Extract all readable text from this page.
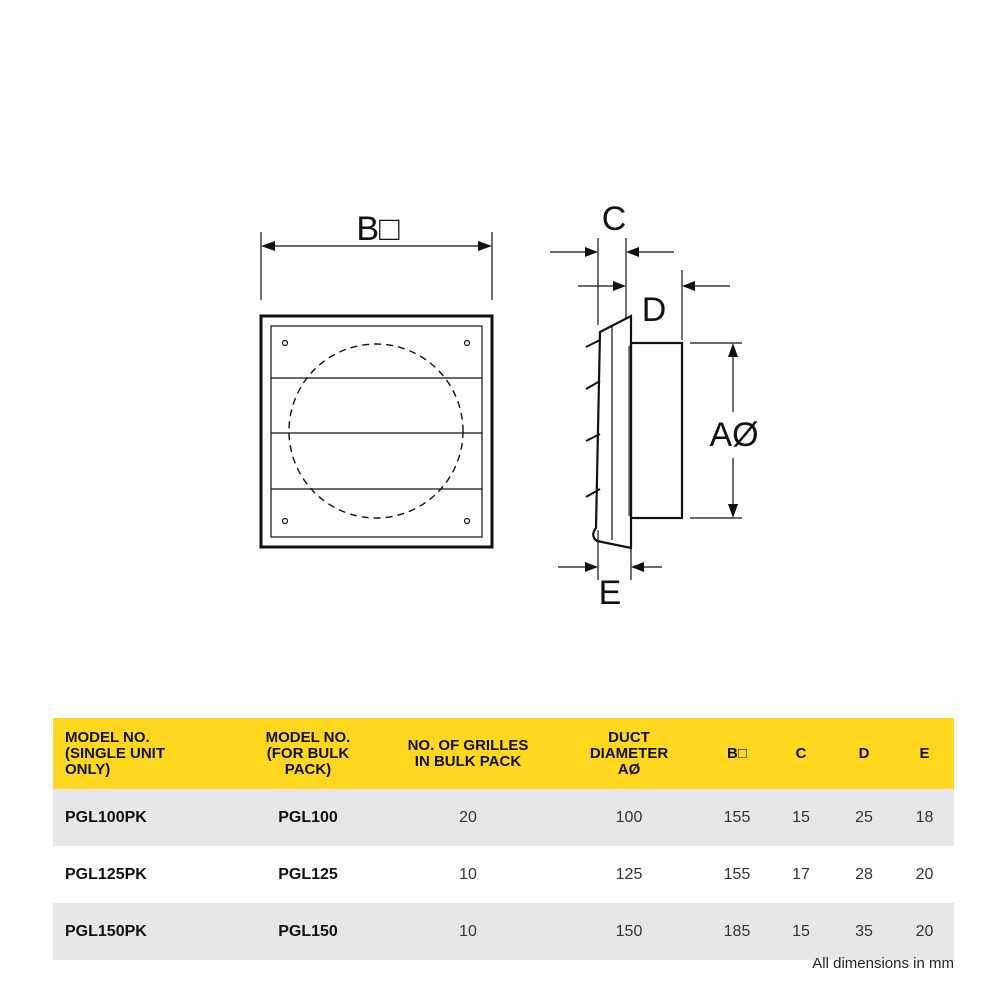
B□	C
D
AØ
E
MODEL NO.
(SINGLE UNIT
ONLY)	MODEL NO.
(FOR BULK
PACK)	NO. OF GRILLES
IN BULK PACK	DUCT
DIAMETER
AØ	B□	C	D	E
PGL100PK	PGL100	20	100	155	15	25	18
PGL125PK	PGL125	10	125	155	17	28	20
PGL150PK	PGL150	10	150	185	15	35	20
All dimensions in mm
